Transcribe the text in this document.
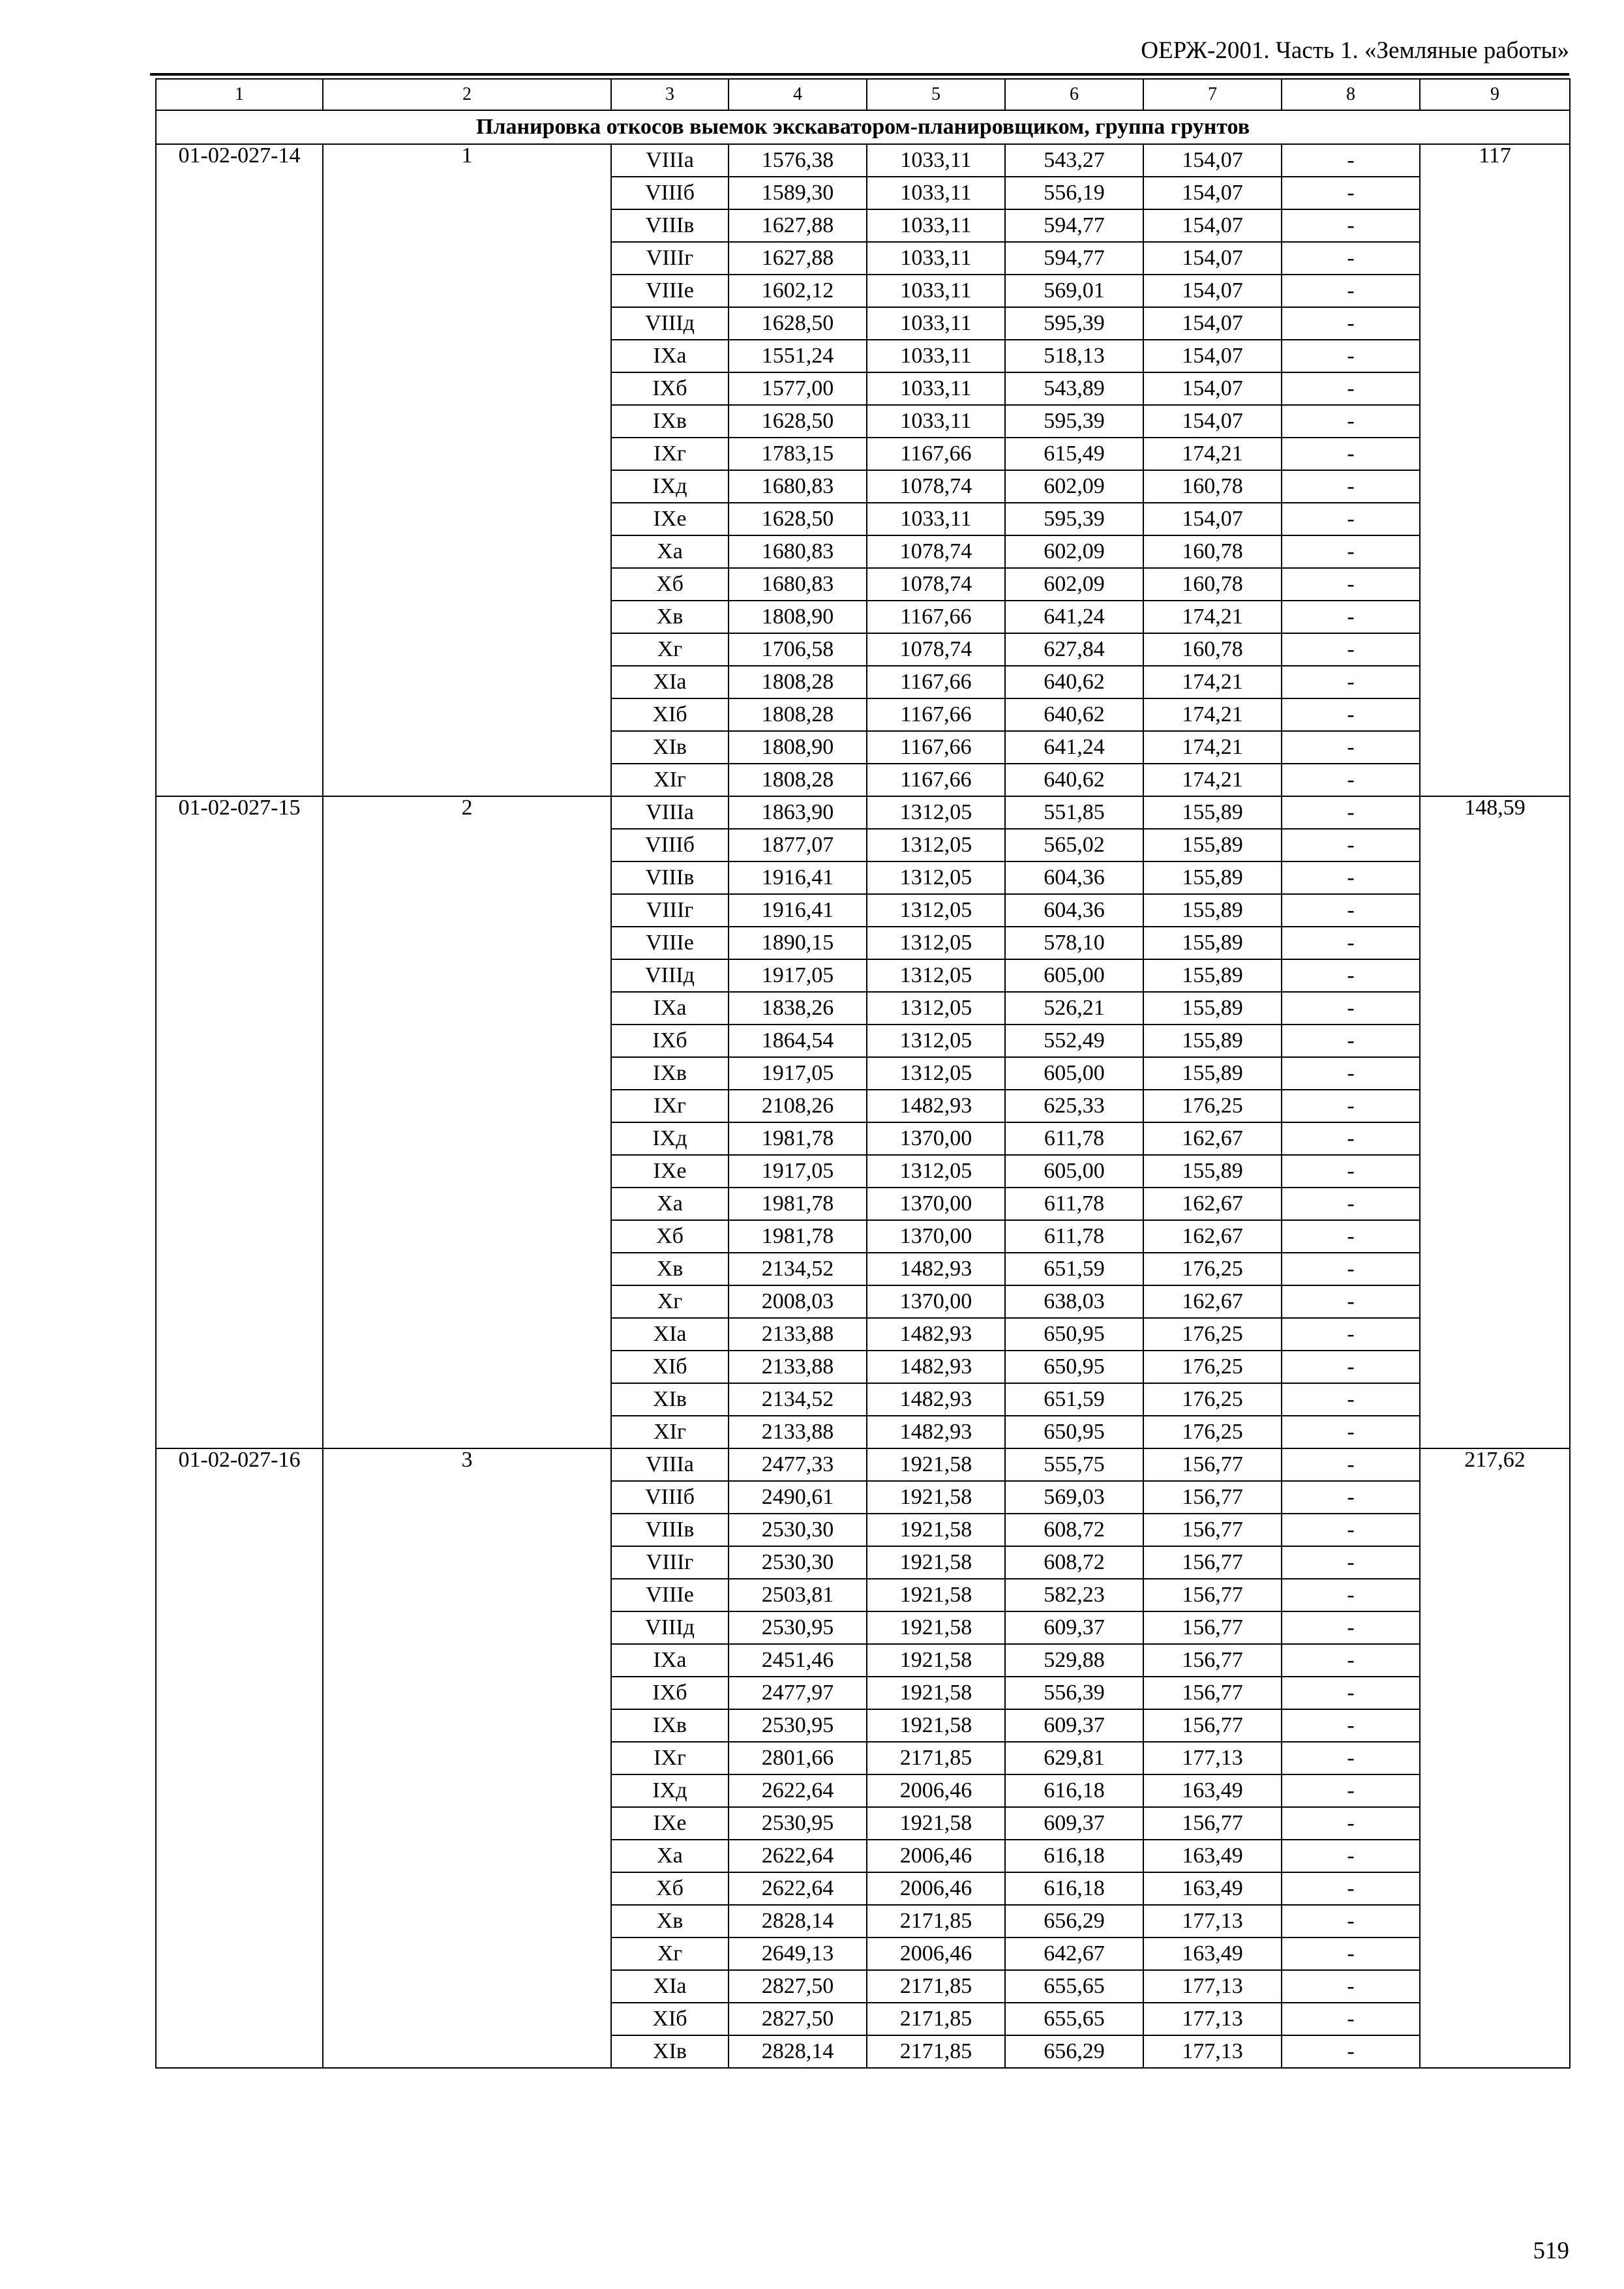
ОЕРЖ-2001. Часть 1. «Земляные работы»
1	2	3	4	5	6	7	8	9
Планировка откосов выемок экскаватором-планировщиком, группа грунтов								
01-02-027-14	1	VIIIа	1576,38	1033,11	543,27	154,07	-	117
		VIIIб	1589,30	1033,11	556,19	154,07	-	
		VIIIв	1627,88	1033,11	594,77	154,07	-	
		VIIIг	1627,88	1033,11	594,77	154,07	-	
		VIIIе	1602,12	1033,11	569,01	154,07	-	
		VIIIд	1628,50	1033,11	595,39	154,07	-	
		IXа	1551,24	1033,11	518,13	154,07	-	
		IXб	1577,00	1033,11	543,89	154,07	-	
		IXв	1628,50	1033,11	595,39	154,07	-	
		IXг	1783,15	1167,66	615,49	174,21	-	
		IXд	1680,83	1078,74	602,09	160,78	-	
		IXе	1628,50	1033,11	595,39	154,07	-	
		Xа	1680,83	1078,74	602,09	160,78	-	
		Xб	1680,83	1078,74	602,09	160,78	-	
		Xв	1808,90	1167,66	641,24	174,21	-	
		Xг	1706,58	1078,74	627,84	160,78	-	
		XIа	1808,28	1167,66	640,62	174,21	-	
		XIб	1808,28	1167,66	640,62	174,21	-	
		XIв	1808,90	1167,66	641,24	174,21	-	
		XIг	1808,28	1167,66	640,62	174,21	-	
01-02-027-15	2	VIIIа	1863,90	1312,05	551,85	155,89	-	148,59
		VIIIб	1877,07	1312,05	565,02	155,89	-	
		VIIIв	1916,41	1312,05	604,36	155,89	-	
		VIIIг	1916,41	1312,05	604,36	155,89	-	
		VIIIе	1890,15	1312,05	578,10	155,89	-	
		VIIIд	1917,05	1312,05	605,00	155,89	-	
		IXа	1838,26	1312,05	526,21	155,89	-	
		IXб	1864,54	1312,05	552,49	155,89	-	
		IXв	1917,05	1312,05	605,00	155,89	-	
		IXг	2108,26	1482,93	625,33	176,25	-	
		IXд	1981,78	1370,00	611,78	162,67	-	
		IXе	1917,05	1312,05	605,00	155,89	-	
		Xа	1981,78	1370,00	611,78	162,67	-	
		Xб	1981,78	1370,00	611,78	162,67	-	
		Xв	2134,52	1482,93	651,59	176,25	-	
		Xг	2008,03	1370,00	638,03	162,67	-	
		XIа	2133,88	1482,93	650,95	176,25	-	
		XIб	2133,88	1482,93	650,95	176,25	-	
		XIв	2134,52	1482,93	651,59	176,25	-	
		XIг	2133,88	1482,93	650,95	176,25	-	
01-02-027-16	3	VIIIа	2477,33	1921,58	555,75	156,77	-	217,62
		VIIIб	2490,61	1921,58	569,03	156,77	-	
		VIIIв	2530,30	1921,58	608,72	156,77	-	
		VIIIг	2530,30	1921,58	608,72	156,77	-	
		VIIIе	2503,81	1921,58	582,23	156,77	-	
		VIIIд	2530,95	1921,58	609,37	156,77	-	
		IXа	2451,46	1921,58	529,88	156,77	-	
		IXб	2477,97	1921,58	556,39	156,77	-	
		IXв	2530,95	1921,58	609,37	156,77	-	
		IXг	2801,66	2171,85	629,81	177,13	-	
		IXд	2622,64	2006,46	616,18	163,49	-	
		IXе	2530,95	1921,58	609,37	156,77	-	
		Xа	2622,64	2006,46	616,18	163,49	-	
		Xб	2622,64	2006,46	616,18	163,49	-	
		Xв	2828,14	2171,85	656,29	177,13	-	
		Xг	2649,13	2006,46	642,67	163,49	-	
		XIа	2827,50	2171,85	655,65	177,13	-	
		XIб	2827,50	2171,85	655,65	177,13	-	
		XIв	2828,14	2171,85	656,29	177,13	-	
519
